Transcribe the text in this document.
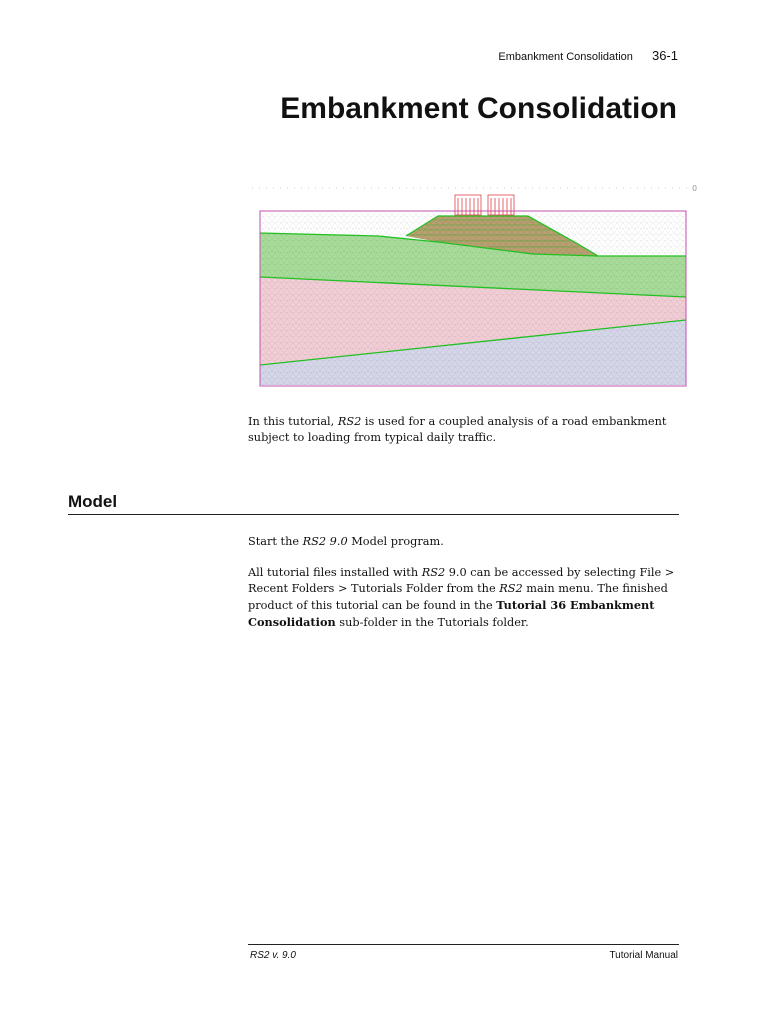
Embankment Consolidation 36-1
Embankment Consolidation
0

In this tutorial, RS2 is used for a coupled analysis of a road embankment subject to loading from typical daily traffic.

Model

Start the RS2 9.0 Model program.

All tutorial files installed with RS2 9.0 can be accessed by selecting File > Recent Folders > Tutorials Folder from the RS2 main menu. The finished product of this tutorial can be found in the Tutorial 36 Embankment Consolidation sub-folder in the Tutorials folder.

RS2 v. 9.0	Tutorial Manual
